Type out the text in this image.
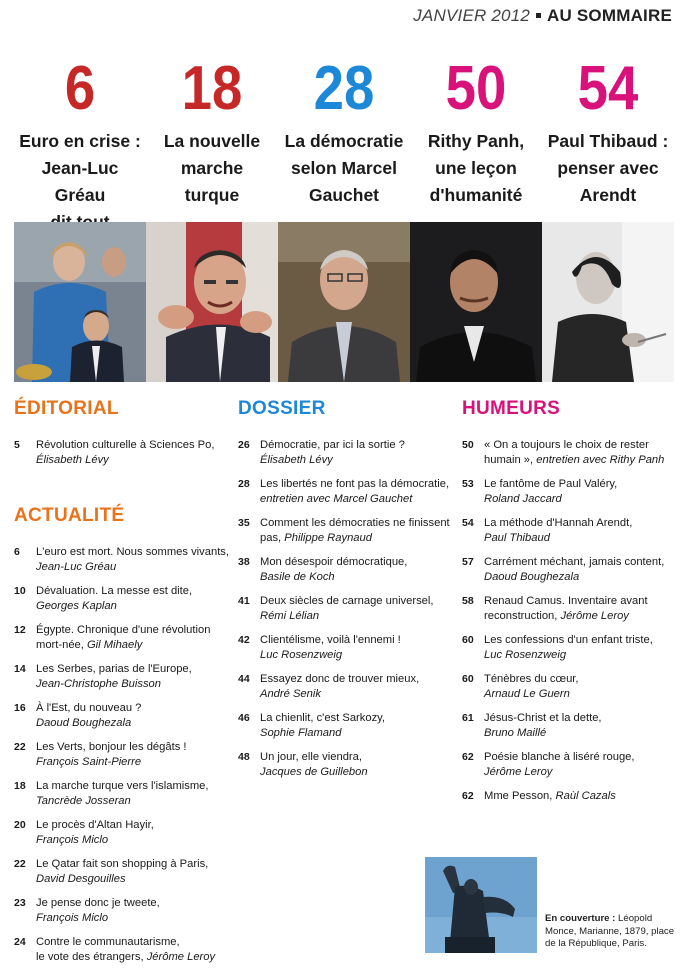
JANVIER 2012 AU SOMMAIRE
6
Euro en crise :
Jean-Luc Gréau
18
La nouvelle
marche
turque
28
La démocratie
selon Marcel
Gauchet
50
Rithy Panh,
une leçon
d'humanité
54
Paul Thibaud :
penser avec
Arendt
ÉDITORIAL
5	Révolution culturelle à Sciences Po,
Élisabeth Lévy
ACTUALITÉ
6	L'euro est mort. Nous sommes vivants,
Jean-Luc Gréau
10 Dévaluation. La messe est dite,
Georges Kaplan
12 Égypte. Chronique d'une révolution
mort-née, Gil Mihaely
14 Les Serbes, parias de l'Europe,
Jean-Christophe Buisson
16 À l'Est, du nouveau ?
Daoud Boughezala
22 Les Verts, bonjour les dégâts !
François Saint-Pierre
18 La marche turque vers l'islamisme,
Tancrède Josseran
20 Le procès d'Altan Hayir,
François Miclo
22 Le Qatar fait son shopping à Paris,
David Desgouilles
23 Je pense donc je tweete,
François Miclo
24 Contre le communautarisme,
le vote des étrangers, Jérôme Leroy
DOSSIER
26 Démocratie, par ici la sortie ?
Élisabeth Lévy
28 Les libertés ne font pas la démocratie,
entretien avec Marcel Gauchet
35 Comment les démocraties ne finissent
pas, Philippe Raynaud
38 Mon désespoir démocratique,
Basile de Koch
41 Deux siècles de carnage universel,
Rémi Lélian
42 Clientélisme, voilà l'ennemi !
Luc Rosenzweig
44 Essayez donc de trouver mieux,
André Senik
46 La chienlit, c'est Sarkozy,
Sophie Flamand
48 Un jour, elle viendra,
Jacques de Guillebon
HUMEURS
50 « On a toujours le choix de rester
humain », entretien avec Rithy Panh
53 Le fantôme de Paul Valéry,
Roland Jaccard
54 La méthode d'Hannah Arendt,
Paul Thibaud
57 Carrément méchant, jamais content,
Daoud Boughezala
58 Renaud Camus. Inventaire avant
reconstruction, Jérôme Leroy
60 Les confessions d'un enfant triste,
Luc Rosenzweig
60 Ténèbres du cœur,
Arnaud Le Guern
61 Jésus-Christ et la dette,
Bruno Maillé
62 Poésie blanche à liséré rouge,
Jérôme Leroy
62 Mme Pesson, Raùl Cazals
En couverture : Léopold Monce, Marianne, 1879, place de la République, Paris.
